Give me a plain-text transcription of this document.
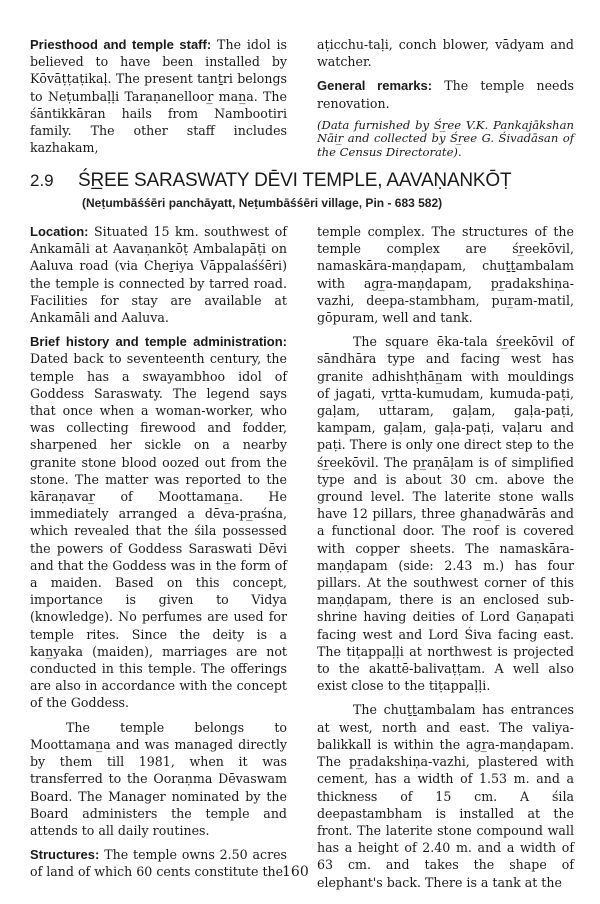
Priesthood and temple staff: The idol is believed to have been installed by Kōvāṭṭaṭikaḷ. The present tanṯri belongs to Neṭumbaḷḷi Taraṇanelloor̲ man̲a. The śāntikkāran hails from Nambootiri family. The other staff includes kazhakam,

aṭicchu-taḷi, conch blower, vādyam and watcher.

General remarks: The temple needs renovation.

(Data furnished by Śr̲ee V.K. Pankajākshan Nāir̲ and collected by Śr̲ee G. Śivadāsan of the Census Directorate).

2.9 ŚR̲EE SARASWATY DĒVI TEMPLE, AAVAṆANKŌṬ
(Neṭumbāśśēri panchāyatt, Neṭumbāśśēri village, Pin - 683 582)

Location: Situated 15 km. southwest of Ankamāli at Aavaṇankōṭ Ambalapāṭi on Aaluva road (via Cheṟiya Vāppalaśśēri) the temple is connected by tarred road. Facilities for stay are available at Ankamāli and Aaluva.

Brief history and temple administration: Dated back to seventeenth century, the temple has a swayambhoo idol of Goddess Saraswaty. The legend says that once when a woman-worker, who was collecting firewood and fodder, sharpened her sickle on a nearby granite stone blood oozed out from the stone. The matter was reported to the kāraṇavar̲ of Moottaman̲a. He immediately arranged a dēva-pr̲aśna, which revealed that the śila possessed the powers of Goddess Saraswati Dēvi and that the Goddess was in the form of a maiden. Based on this concept, importance is given to Vidya (knowledge). No perfumes are used for temple rites. Since the deity is a kan̲yaka (maiden), marriages are not conducted in this temple. The offerings are also in accordance with the concept of the Goddess.

The temple belongs to Moottaman̲a and was managed directly by them till 1981, when it was transferred to the Ooraṇma Dēvaswam Board. The Manager nominated by the Board administers the temple and attends to all daily routines.

Structures: The temple owns 2.50 acres of land of which 60 cents constitute the

temple complex. The structures of the temple complex are śr̲eekōvil, namaskāra-maṇḍapam, chuṯṯambalam with agr̲a-maṇḍapam, pr̲adakshiṇa-vazhi, deepa-stambham, pur̲am-matil, gōpuram, well and tank.

The square ēka-tala śr̲eekōvil of sāndhāra type and facing west has granite adhishṭhān̲am with mouldings of jagati, vr̲tta-kumudam, kumuda-paṭi, gaḷam, uttaram, gaḷam, gaḷa-paṭi, kampam, gaḷam, gaḷa-paṭi, vaḷaru and paṭi. There is only one direct step to the śr̲eekōvil. The pr̲aṇāḷam is of simplified type and is about 30 cm. above the ground level. The laterite stone walls have 12 pillars, three ghan̲adwārās and a functional door. The roof is covered with copper sheets. The namaskāra-maṇḍapam (side: 2.43 m.) has four pillars. At the southwest corner of this maṇḍapam, there is an enclosed sub-shrine having deities of Lord Gaṇapati facing west and Lord Śiva facing east. The tiṭappaḷḷi at northwest is projected to the akattē-balivaṭṭam. A well also exist close to the tiṭappaḷḷi.

The chuṯṯambalam has entrances at west, north and east. The valiya-balikkall is within the agr̲a-maṇḍapam. The pr̲adakshiṇa-vazhi, plastered with cement, has a width of 1.53 m. and a thickness of 15 cm. A śila deepastambham is installed at the front. The laterite stone compound wall has a height of 2.40 m. and a width of 63 cm. and takes the shape of elephant's back. There is a tank at the

160
